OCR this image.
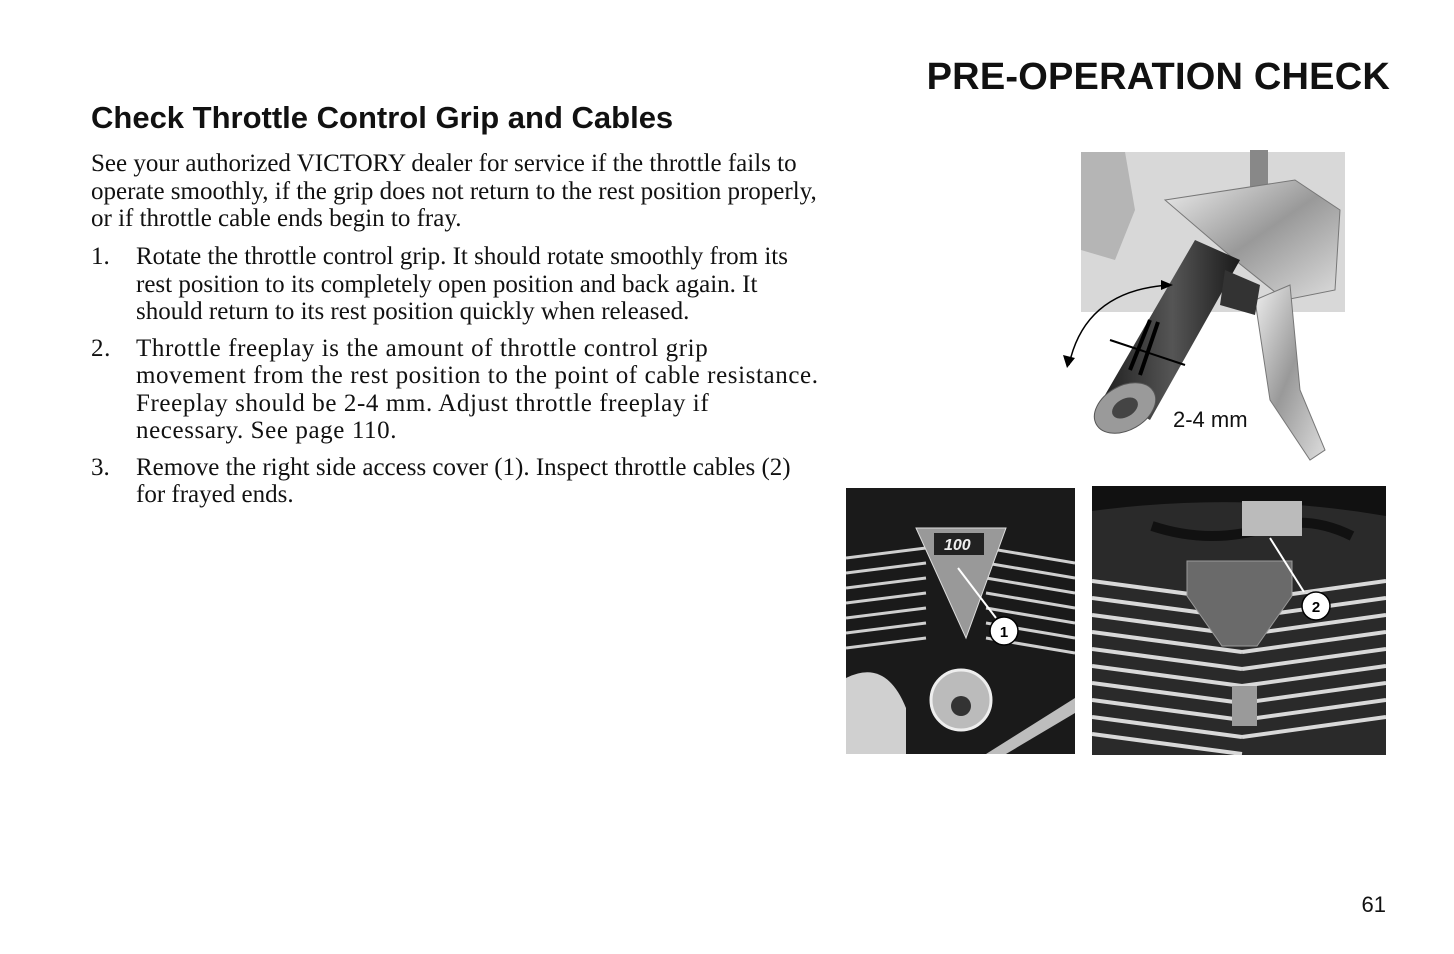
PRE-OPERATION CHECK
Check Throttle Control Grip and Cables

See your authorized VICTORY dealer for service if the throttle fails to operate smoothly, if the grip does not return to the rest position properly, or if throttle cable ends begin to fray.

1. Rotate the throttle control grip. It should rotate smoothly from its rest position to its completely open position and back again. It should return to its rest position quickly when released.
2. Throttle freeplay is the amount of throttle control grip movement from the rest position to the point of cable resistance. Freeplay should be 2-4 mm. Adjust throttle freeplay if necessary. See page 110.
3. Remove the right side access cover (1). Inspect throttle cables (2) for frayed ends.
2-4 mm
100
1
2
61
